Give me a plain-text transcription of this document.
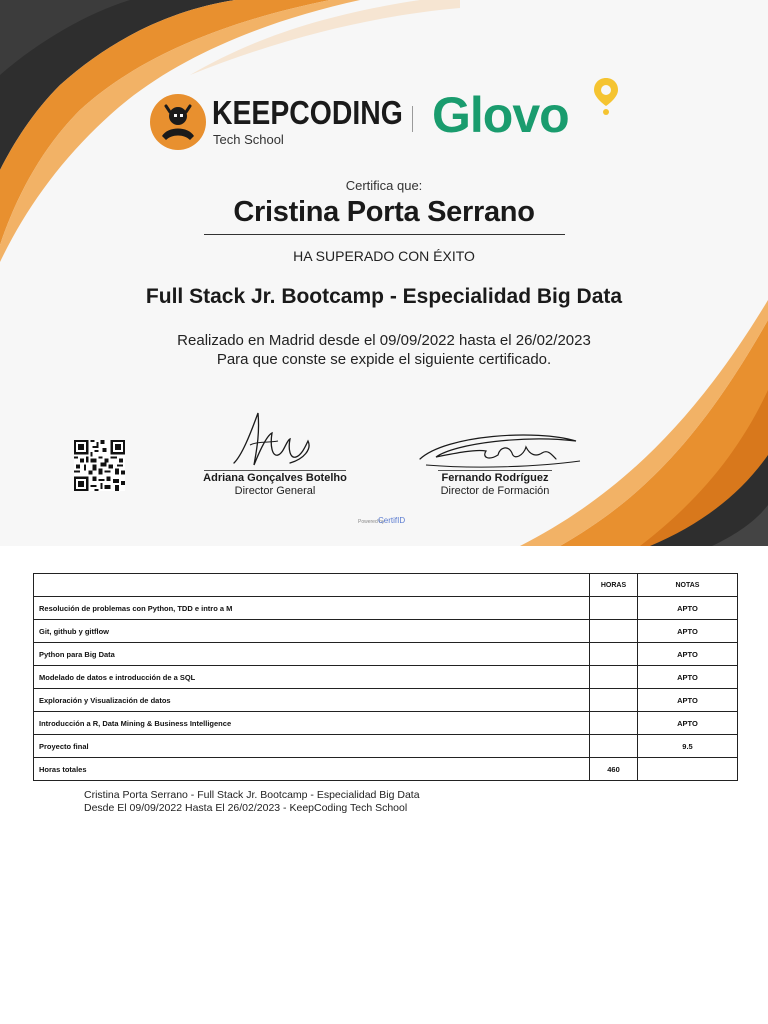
KEEPCODING
Tech School	Glovo
Certifica que:
Cristina Porta Serrano
HA SUPERADO CON ÉXITO
Full Stack Jr. Bootcamp - Especialidad Big Data
Realizado en Madrid desde el 09/09/2022 hasta el 26/02/2023
Para que conste se expide el siguiente certificado.
Adriana Gonçalves Botelho
Director General
Fernando Rodríguez
Director de Formación
Powered by
CertifID
	HORAS	NOTAS
Resolución de problemas con Python, TDD e intro a M		APTO
Git, github y gitflow		APTO
Python para Big Data		APTO
Modelado de datos e introducción de a SQL		APTO
Exploración y Visualización de datos		APTO
Introducción a R, Data Mining & Business Intelligence		APTO
Proyecto final		9.5
Horas totales	460	
Cristina Porta Serrano - Full Stack Jr. Bootcamp - Especialidad Big Data
Desde El 09/09/2022 Hasta El 26/02/2023 - KeepCoding Tech School
